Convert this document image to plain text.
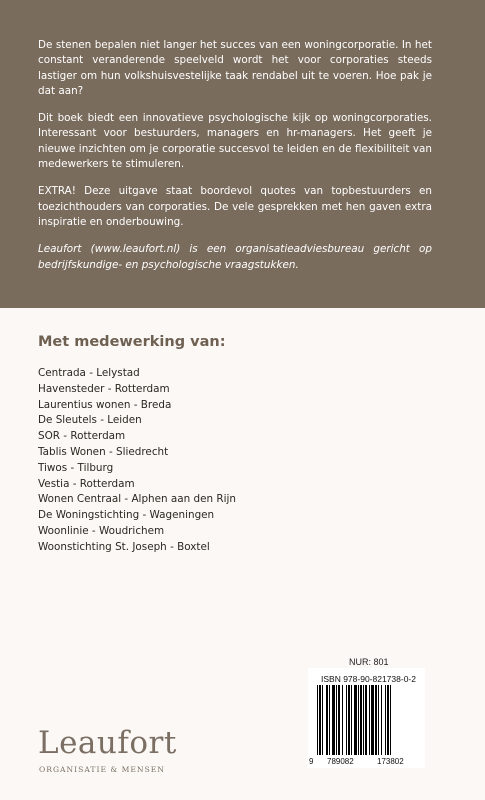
De stenen bepalen niet langer het succes van een woningcorporatie. In het constant veranderende speelveld wordt het voor corporaties steeds lastiger om hun volkshuisvestelijke taak rendabel uit te voeren. Hoe pak je dat aan?

Dit boek biedt een innovatieve psychologische kijk op woningcorporaties. Interessant voor bestuurders, managers en hr-managers. Het geeft je nieuwe inzichten om je corporatie succesvol te leiden en de flexibiliteit van medewerkers te stimuleren.

EXTRA! Deze uitgave staat boordevol quotes van topbestuurders en toezichthouders van corporaties. De vele gesprekken met hen gaven extra inspiratie en onderbouwing.

Leaufort (www.leaufort.nl) is een organisatieadviesbureau gericht op bedrijfskundige- en psychologische vraagstukken.

Met medewerking van:
Centrada - Lelystad
Havensteder - Rotterdam
Laurentius wonen - Breda
De Sleutels - Leiden
SOR - Rotterdam
Tablis Wonen - Sliedrecht
Tiwos - Tilburg
Vestia - Rotterdam
Wonen Centraal - Alphen aan den Rijn
De Woningstichting - Wageningen
Woonlinie - Woudrichem
Woonstichting St. Joseph - Boxtel
NUR: 801
ISBN 978-90-821738-0-2
9 789082	173802
Leaufort
ORGANISATIE & MENSEN
